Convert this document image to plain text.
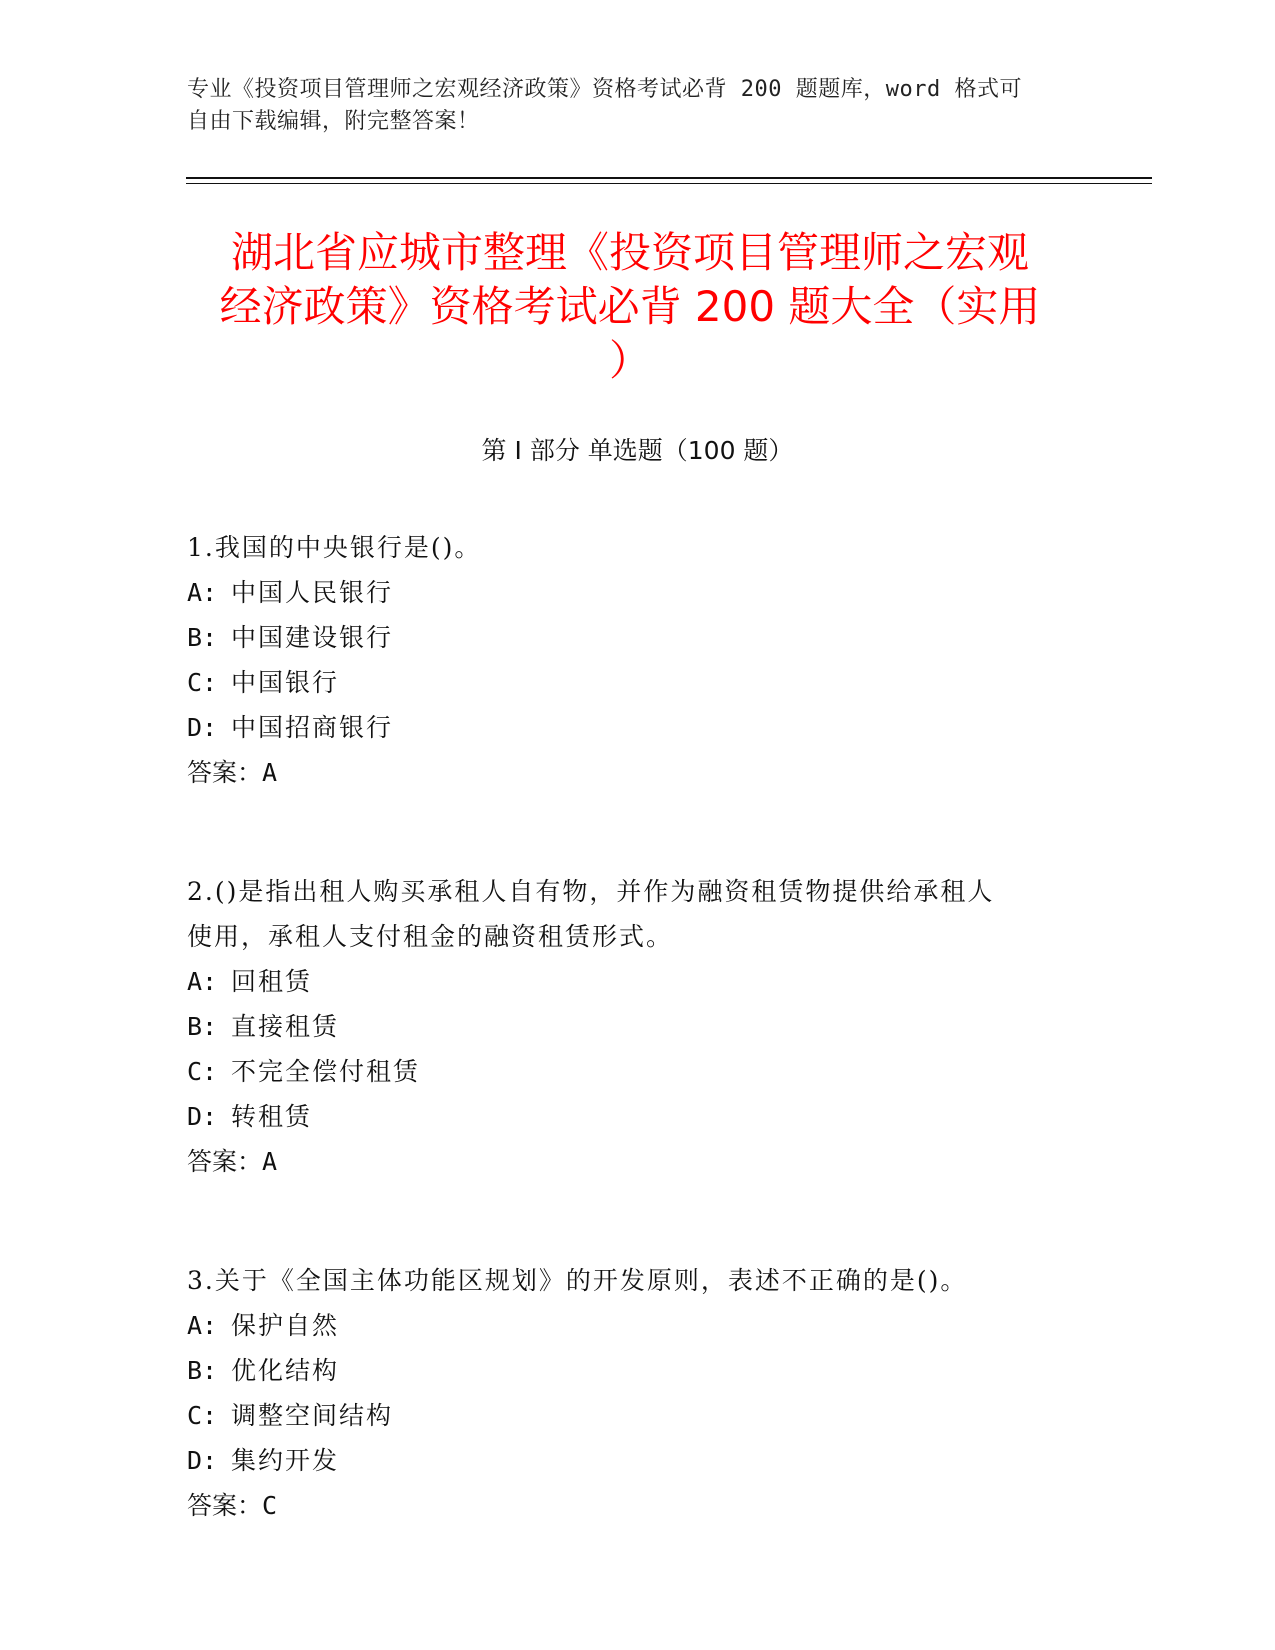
专业《投资项目管理师之宏观经济政策》资格考试必背 200 题题库，word 格式可
自由下载编辑，附完整答案！
湖北省应城市整理《投资项目管理师之宏观
经济政策》资格考试必背 200 题大全（实用
）
第 I 部分 单选题（100 题）
1.我国的中央银行是()。
A: 中国人民银行
B: 中国建设银行
C: 中国银行
D: 中国招商银行
答案：A
2.()是指出租人购买承租人自有物，并作为融资租赁物提供给承租人
使用，承租人支付租金的融资租赁形式。
A: 回租赁
B: 直接租赁
C: 不完全偿付租赁
D: 转租赁
答案：A
3.关于《全国主体功能区规划》的开发原则，表述不正确的是()。
A: 保护自然
B: 优化结构
C: 调整空间结构
D: 集约开发
答案：C
